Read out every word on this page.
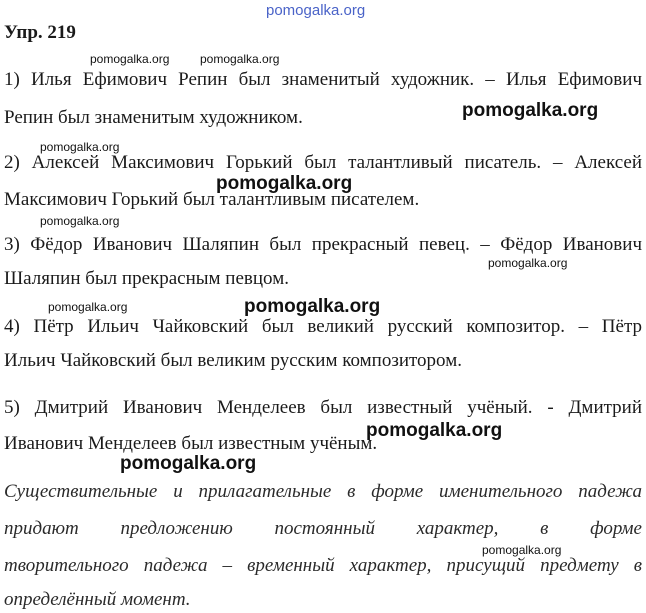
pomogalka.org
pomogalka.org	pomogalka.org
pomogalka.org
pomogalka.org
pomogalka.org
pomogalka.org
pomogalka.org
pomogalka.org	pomogalka.org
pomogalka.org
pomogalka.org
pomogalka.org
Упр. 219
1) Илья Ефимович Репин был знаменитый художник. – Илья Ефимович
Репин был знаменитым художником.
2) Алексей Максимович Горький был талантливый писатель. – Алексей
Максимович Горький был талантливым писателем.
3) Фёдор Иванович Шаляпин был прекрасный певец. – Фёдор Иванович
Шаляпин был прекрасным певцом.
4) Пётр Ильич Чайковский был великий русский композитор. – Пётр
Ильич Чайковский был великим русским композитором.
5) Дмитрий Иванович Менделеев был известный учёный. - Дмитрий
Иванович Менделеев был известным учёным.
Существительные и прилагательные в форме именительного падежа
придают предложению постоянный характер, в форме
творительного падежа – временный характер, присущий предмету в
определённый момент.
